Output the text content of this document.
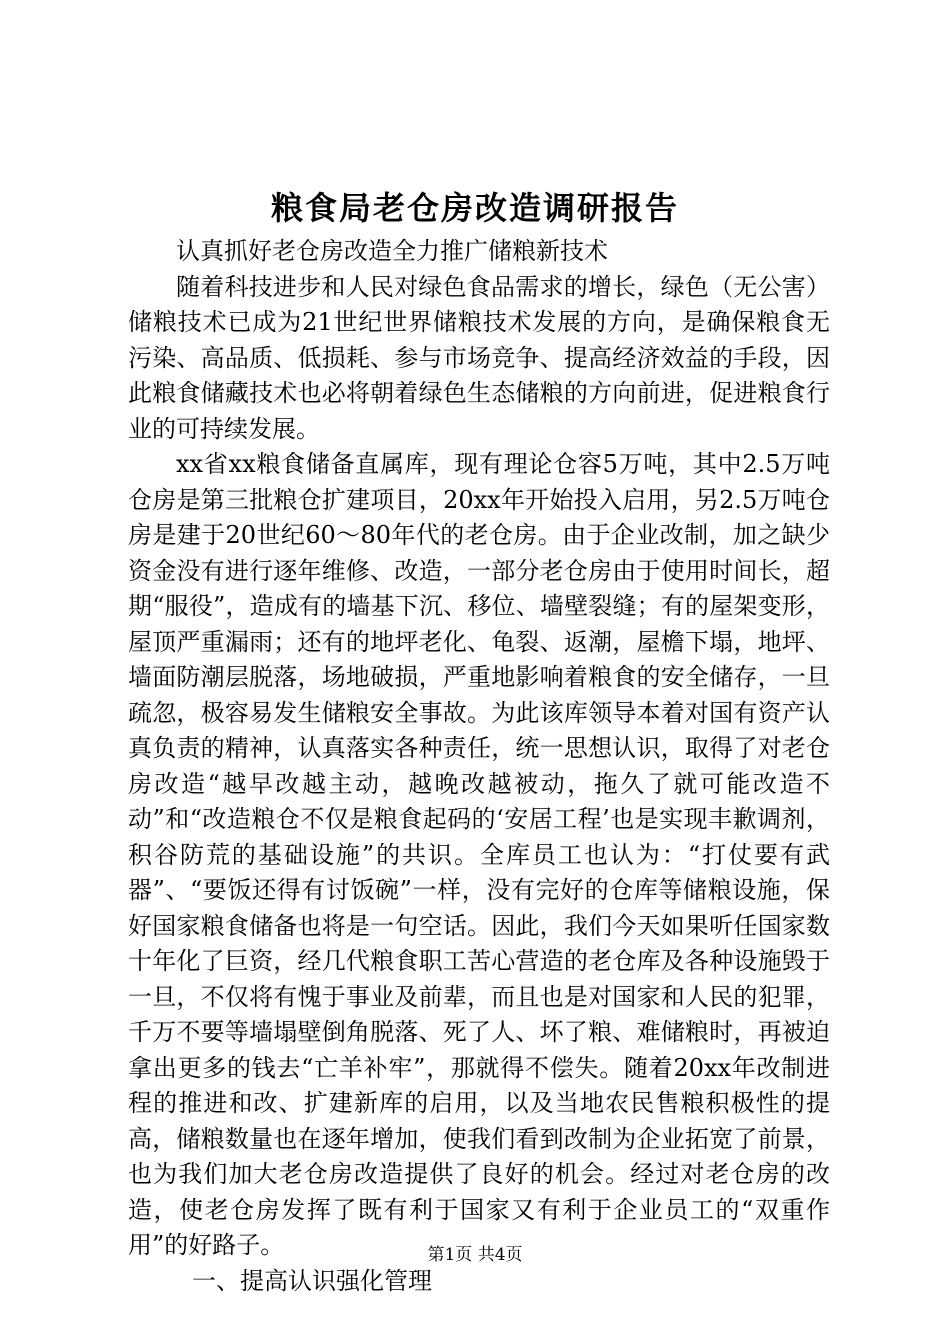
粮食局老仓房改造调研报告

认真抓好老仓房改造全力推广储粮新技术

随着科技进步和人民对绿色食品需求的增长，绿色（无公害）储粮技术已成为21世纪世界储粮技术发展的方向，是确保粮食无污染、高品质、低损耗、参与市场竞争、提高经济效益的手段，因此粮食储藏技术也必将朝着绿色生态储粮的方向前进，促进粮食行业的可持续发展。

xx省xx粮食储备直属库，现有理论仓容5万吨，其中2.5万吨仓房是第三批粮仓扩建项目，20xx年开始投入启用，另2.5万吨仓房是建于20世纪60～80年代的老仓房。由于企业改制，加之缺少资金没有进行逐年维修、改造，一部分老仓房由于使用时间长，超期“服役”，造成有的墙基下沉、移位、墙壁裂缝；有的屋架变形，屋顶严重漏雨；还有的地坪老化、龟裂、返潮，屋檐下塌，地坪、墙面防潮层脱落，场地破损，严重地影响着粮食的安全储存，一旦疏忽，极容易发生储粮安全事故。为此该库领导本着对国有资产认真负责的精神，认真落实各种责任，统一思想认识，取得了对老仓房改造“越早改越主动，越晚改越被动，拖久了就可能改造不动”和“改造粮仓不仅是粮食起码的‘安居工程’也是实现丰歉调剂，积谷防荒的基础设施”的共识。全库员工也认为：“打仗要有武器”、“要饭还得有讨饭碗”一样，没有完好的仓库等储粮设施，保好国家粮食储备也将是一句空话。因此，我们今天如果听任国家数十年化了巨资，经几代粮食职工苦心营造的老仓库及各种设施毁于一旦，不仅将有愧于事业及前辈，而且也是对国家和人民的犯罪，千万不要等墙塌壁倒角脱落、死了人、坏了粮、难储粮时，再被迫拿出更多的钱去“亡羊补牢”，那就得不偿失。随着20xx年改制进程的推进和改、扩建新库的启用，以及当地农民售粮积极性的提高，储粮数量也在逐年增加，使我们看到改制为企业拓宽了前景，也为我们加大老仓房改造提供了良好的机会。经过对老仓房的改造，使老仓房发挥了既有利于国家又有利于企业员工的“双重作用”的好路子。

一、提高认识强化管理

第1页 共4页
